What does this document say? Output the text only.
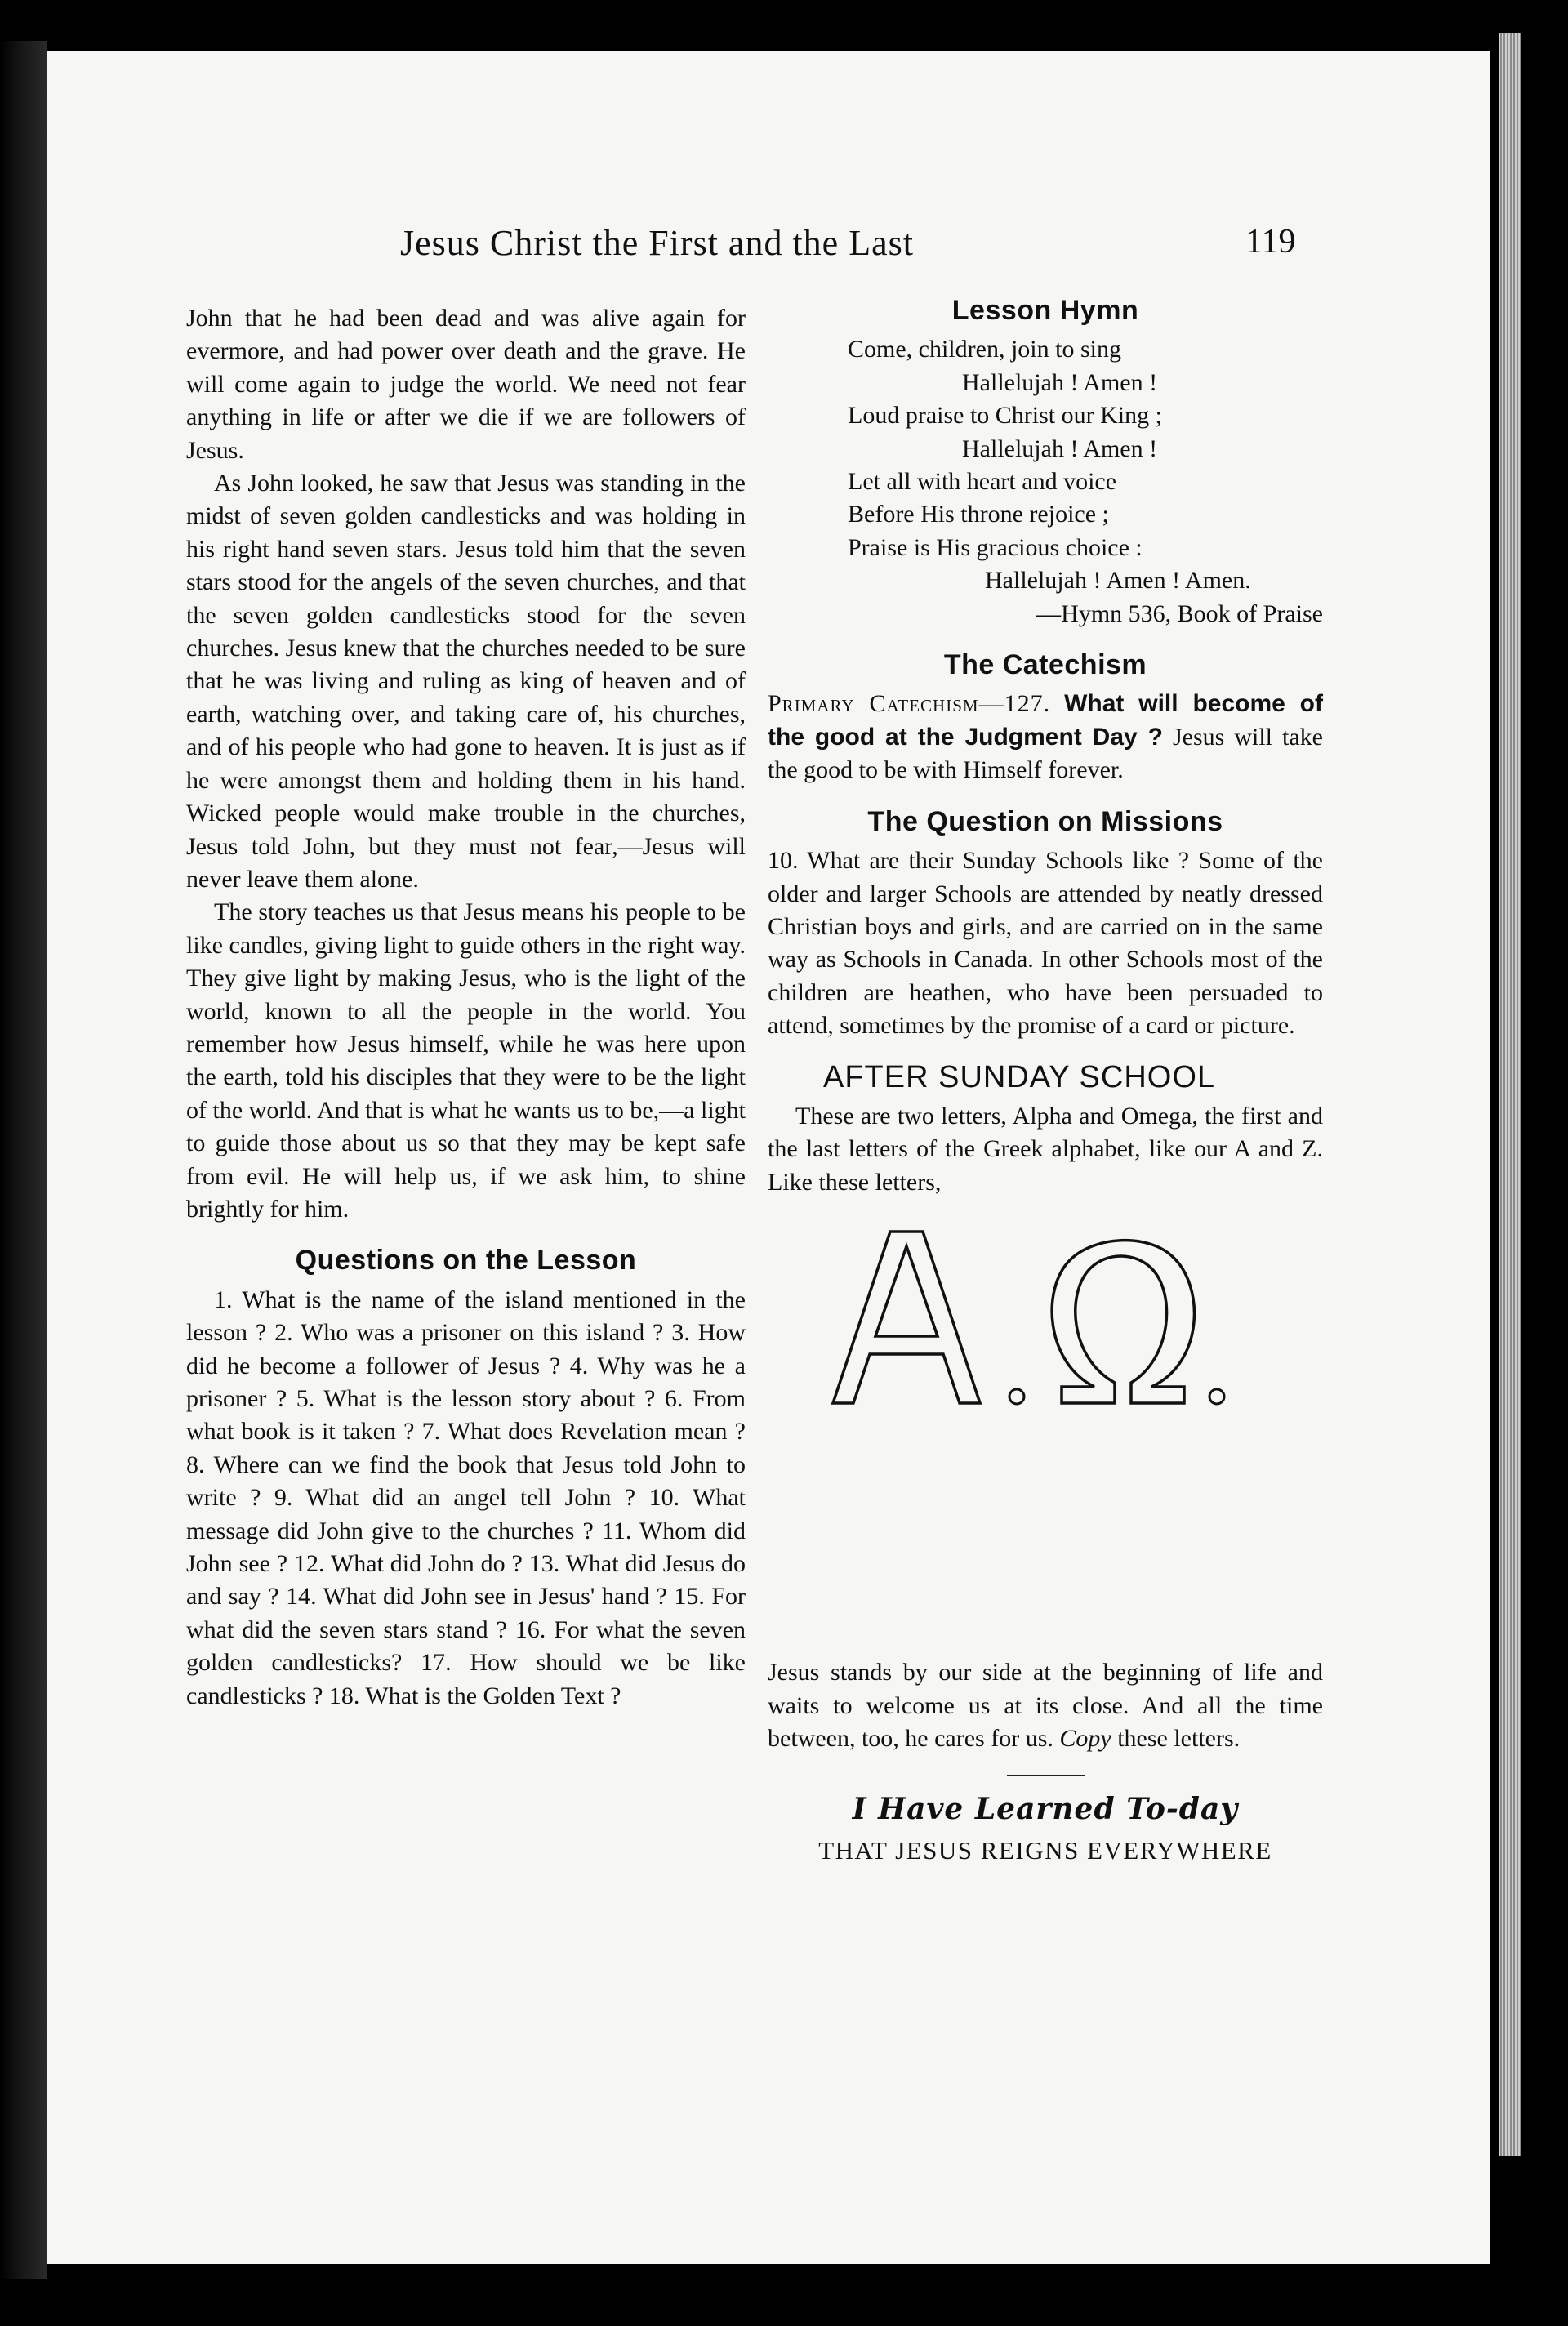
Jesus Christ the First and the Last	119

John that he had been dead and was alive again for evermore, and had power over death and the grave. He will come again to judge the world. We need not fear anything in life or after we die if we are followers of Jesus.

As John looked, he saw that Jesus was standing in the midst of seven golden candlesticks and was holding in his right hand seven stars. Jesus told him that the seven stars stood for the angels of the seven churches, and that the seven golden candlesticks stood for the seven churches. Jesus knew that the churches needed to be sure that he was living and ruling as king of heaven and of earth, watching over, and taking care of, his churches, and of his people who had gone to heaven. It is just as if he were amongst them and holding them in his hand. Wicked people would make trouble in the churches, Jesus told John, but they must not fear,—Jesus will never leave them alone.

The story teaches us that Jesus means his people to be like candles, giving light to guide others in the right way. They give light by making Jesus, who is the light of the world, known to all the people in the world. You remember how Jesus himself, while he was here upon the earth, told his disciples that they were to be the light of the world. And that is what he wants us to be,—a light to guide those about us so that they may be kept safe from evil. He will help us, if we ask him, to shine brightly for him.

Questions on the Lesson

1. What is the name of the island mentioned in the lesson ? 2. Who was a prisoner on this island ? 3. How did he become a follower of Jesus ? 4. Why was he a prisoner ? 5. What is the lesson story about ? 6. From what book is it taken ? 7. What does Revelation mean ? 8. Where can we find the book that Jesus told John to write ? 9. What did an angel tell John ? 10. What message did John give to the churches ? 11. Whom did John see ? 12. What did John do ? 13. What did Jesus do and say ? 14. What did John see in Jesus' hand ? 15. For what did the seven stars stand ? 16. For what the seven golden candlesticks? 17. How should we be like candlesticks ? 18. What is the Golden Text ?

Lesson Hymn
Come, children, join to sing
Hallelujah ! Amen !
Loud praise to Christ our King ;
Hallelujah ! Amen !
Let all with heart and voice
Before His throne rejoice ;
Praise is His gracious choice :
Hallelujah ! Amen ! Amen.
—Hymn 536, Book of Praise
The Catechism

Primary Catechism—127. What will become of the good at the Judgment Day ? Jesus will take the good to be with Himself forever.

The Question on Missions

10. What are their Sunday Schools like ? Some of the older and larger Schools are attended by neatly dressed Christian boys and girls, and are carried on in the same way as Schools in Canada. In other Schools most of the children are heathen, who have been persuaded to attend, sometimes by the promise of a card or picture.

AFTER SUNDAY SCHOOL

These are two letters, Alpha and Omega, the first and the last letters of the Greek alphabet, like our A and Z. Like these letters,

Jesus stands by our side at the beginning of life and waits to welcome us at its close. And all the time between, too, he cares for us. Copy these letters.

I Have Learned To-day
THAT JESUS REIGNS EVERYWHERE
